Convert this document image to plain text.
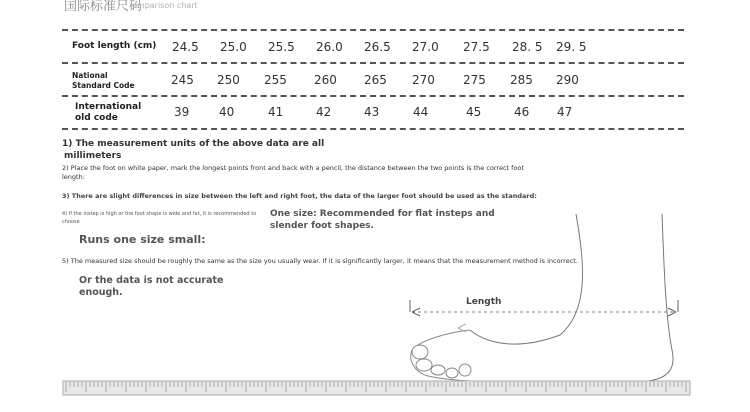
国际标准尺码
omparison chart
Foot length (cm) 24.5	25.0	25.5	26.0	26.5	27.0	27.5	28. 5	29. 5
National
Standard Code	245	250	255	260	265	270	275	285	290
International
old code	39	40	41	42	43	44	45	46	47
1) The measurement units of the above data are all
millimeters
2) Place the foot on white paper, mark the longest points front and back with a pencil, the distance between the two points is the correct foot
length:
3) There are slight differences in size between the left and right foot, the data of the larger foot should be used as the standard:
4) If the instep is high or the foot shape is wide and fat, it is recommended to
choose
One size: Recommended for flat insteps and
slender foot shapes.
Runs one size small:
5) The measured size should be roughly the same as the size you usually wear. If it is significantly larger, it means that the measurement method is incorrect.
Or the data is not accurate
enough.
Length
